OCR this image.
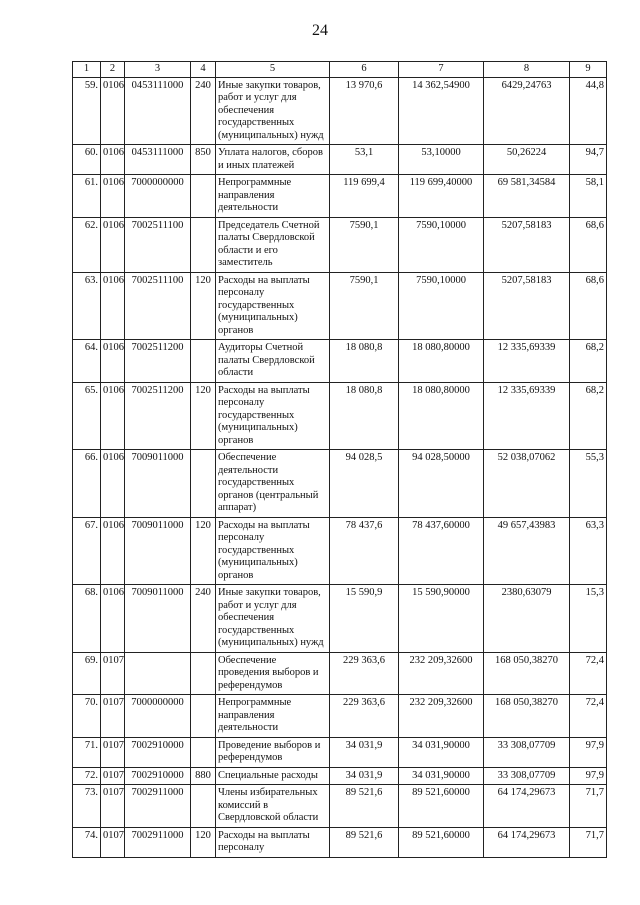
24
1	2	3	4	5	6	7	8	9
59.	0106	0453111000	240	Иные закупки товаров, работ и услуг для обеспечения государственных (муниципальных) нужд	13 970,6	14 362,54900	6429,24763	44,8
60.	0106	0453111000	850	Уплата налогов, сборов и иных платежей	53,1	53,10000	50,26224	94,7
61.	0106	7000000000		Непрограммные направления деятельности	119 699,4	119 699,40000	69 581,34584	58,1
62.	0106	7002511100		Председатель Счетной палаты Свердловской области и его заместитель	7590,1	7590,10000	5207,58183	68,6
63.	0106	7002511100	120	Расходы на выплаты персоналу государственных (муниципальных) органов	7590,1	7590,10000	5207,58183	68,6
64.	0106	7002511200		Аудиторы Счетной палаты Свердловской области	18 080,8	18 080,80000	12 335,69339	68,2
65.	0106	7002511200	120	Расходы на выплаты персоналу государственных (муниципальных) органов	18 080,8	18 080,80000	12 335,69339	68,2
66.	0106	7009011000		Обеспечение деятельности государственных органов (центральный аппарат)	94 028,5	94 028,50000	52 038,07062	55,3
67.	0106	7009011000	120	Расходы на выплаты персоналу государственных (муниципальных) органов	78 437,6	78 437,60000	49 657,43983	63,3
68.	0106	7009011000	240	Иные закупки товаров, работ и услуг для обеспечения государственных (муниципальных) нужд	15 590,9	15 590,90000	2380,63079	15,3
69.	0107			Обеспечение проведения выборов и референдумов	229 363,6	232 209,32600	168 050,38270	72,4
70.	0107	7000000000		Непрограммные направления деятельности	229 363,6	232 209,32600	168 050,38270	72,4
71.	0107	7002910000		Проведение выборов и референдумов	34 031,9	34 031,90000	33 308,07709	97,9
72.	0107	7002910000	880	Специальные расходы	34 031,9	34 031,90000	33 308,07709	97,9
73.	0107	7002911000		Члены избирательных комиссий в Свердловской области	89 521,6	89 521,60000	64 174,29673	71,7
74.	0107	7002911000	120	Расходы на выплаты персоналу	89 521,6	89 521,60000	64 174,29673	71,7
